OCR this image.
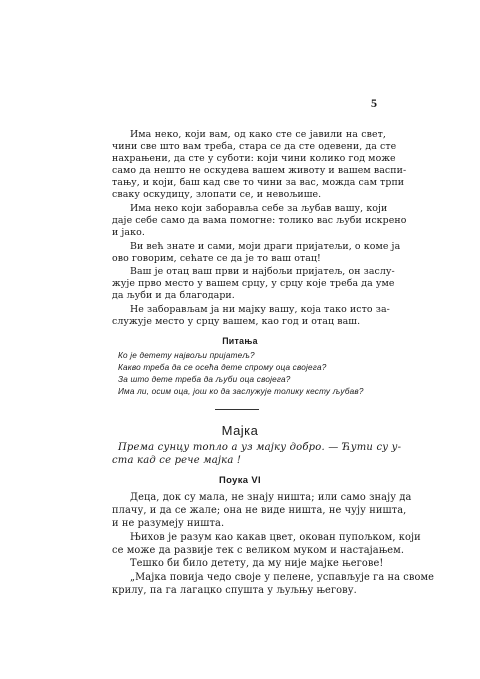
5
Има неко, који вам, од како сте се јавили на свет,
чини све што вам треба, стара се да сте одевени, да сте
нахрањени, да сте у суботи: који чини колико год може
само да нешто не оскудева вашем животу и вашем васпи-
тању, и који, баш кад све то чини за вас, можда сам трпи
сваку оскудицу, злопати се, и невољише.
Има неко који заборавља себе за љубав вашу, који
даје себе само да вама помогне: толико вас љуби искрено
и јако.
Ви већ знате и сами, моји драги пријатељи, о коме ја
ово говорим, сећате се да је то ваш отац!
Ваш је отац ваш први и најбољи пријатељ, он заслу-
жује прво место у вашем срцу, у срцу које треба да уме
да љуби и да благодари.
Не заборављам ја ни мајку вашу, која тако исто за-
служује место у срцу вашем, као год и отац ваш.
Питања
Ко је детету највољи пријатељ?
Какво треба да се осећа дете спрому оца својега?
За што дете треба да љуби оца својега?
Има ли, осим оца, још ко да заслужује толику кесту љубав?
Мајка
Према сунцу топло а уз мајку добро. — Ћути су у-
ста кад се рече мајка !
Поука VI
Деца, док су мала, не знају ништа; или само знају да
плачу, и да се жале; она не виде ништа, не чују ништа,
и не разумеју ништа.
Њихов је разум као какав цвет, окован пупољком, који
се може да развије тек с великом муком и настајањем.
Тешко би било детету, да му није мајке његове!
„Мајка повија чедо своје у пелене, успављује га на своме
крилу, па га лагацко спушта у љуљњу његову.
